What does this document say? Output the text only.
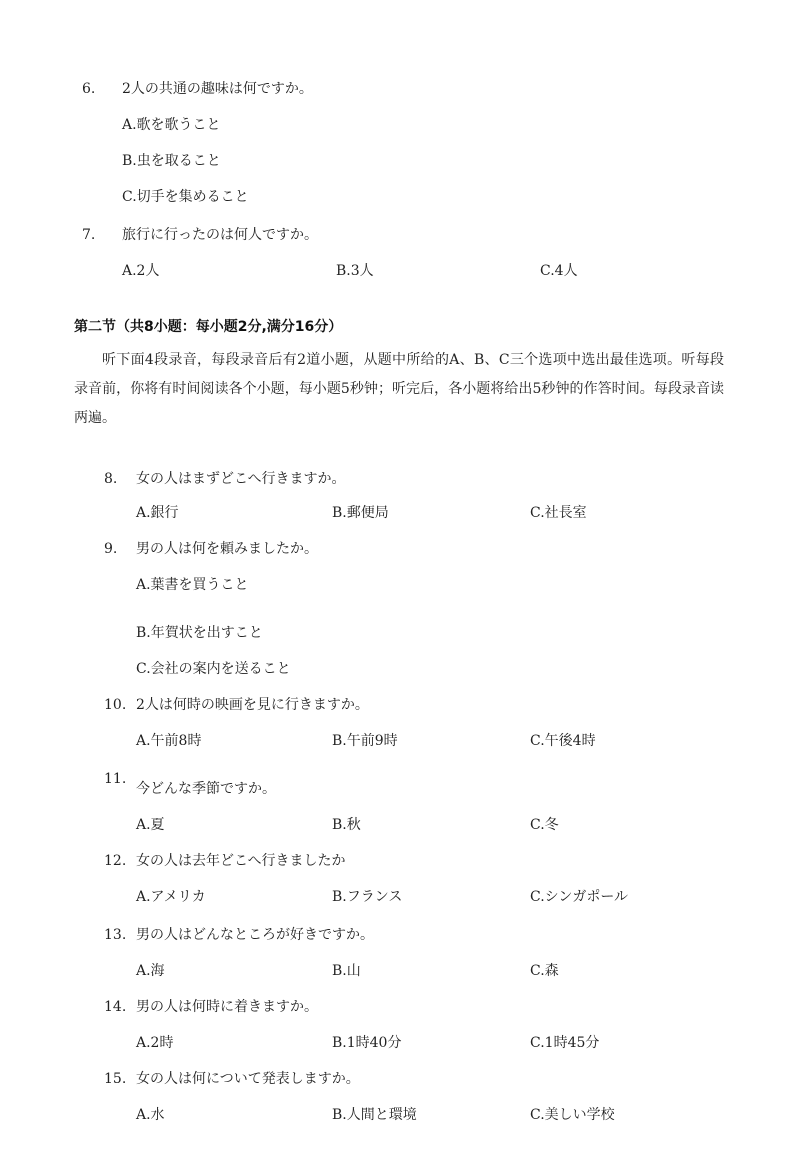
6. 2人の共通の趣味は何ですか。
A.歌を歌うこと
B.虫を取ること
C.切手を集めること
7. 旅行に行ったのは何人ですか。
A.2人	B.3人	C.4人
第二节（共8小题：每小题2分,满分16分）
听下面4段录音，每段录音后有2道小题，从题中所给的A、B、C三个选项中选出最佳选项。听每段录音前，你将有时间阅读各个小题，每小题5秒钟；听完后，各小题将给出5秒钟的作答时间。每段录音读两遍。
8. 女の人はまずどこへ行きますか。
A.銀行	B.郵便局	C.社長室
9. 男の人は何を頼みましたか。
A.葉書を買うこと
B.年賀状を出すこと
C.会社の案内を送ること
10. 2人は何時の映画を見に行きますか。
A.午前8時	B.午前9時	C.午後4時
11.
今どんな季節ですか。
A.夏	B.秋	C.冬
12. 女の人は去年どこへ行きましたか
A.アメリカ	B.フランス	C.シンガポール
13. 男の人はどんなところが好きですか。
A.海	B.山	C.森
14. 男の人は何時に着きますか。
A.2時	B.1時40分	C.1時45分
15. 女の人は何について発表しますか。
A.水	B.人間と環境	C.美しい学校
